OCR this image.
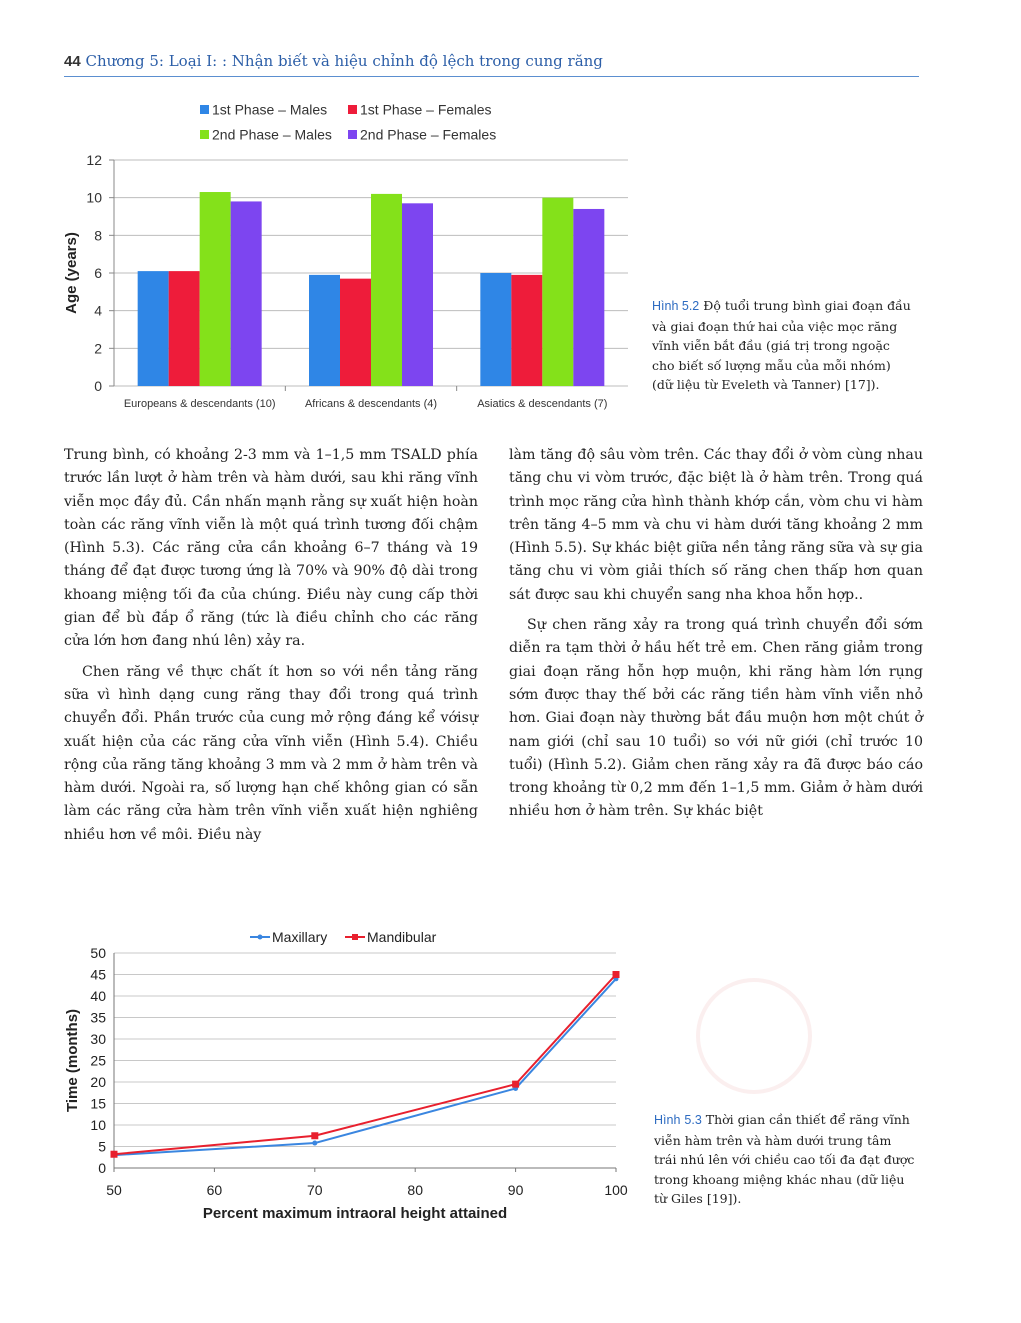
44 Chương 5: Loại I: : Nhận biết và hiệu chỉnh độ lệch trong cung răng
1st Phase – Males 1st Phase – Females
2nd Phase – Males 2nd Phase – Females
0
2
4
6
8
10
12
Age (years)
Europeans & descendants (10)	Africans & descendants (4)	Asiatics & descendants (7)
Hình 5.2 Độ tuổi trung bình giai đoạn đầu và giai đoạn thứ hai của việc mọc răng vĩnh viễn bắt đầu (giá trị trong ngoặc cho biết số lượng mẫu của mỗi nhóm) (dữ liệu từ Eveleth và Tanner) [17]).

Trung bình, có khoảng 2-3 mm và 1–1,5 mm TSALD phía trước lần lượt ở hàm trên và hàm dưới, sau khi răng vĩnh viễn mọc đầy đủ. Cần nhấn mạnh rằng sự xuất hiện hoàn toàn các răng vĩnh viễn là một quá trình tương đối chậm (Hình 5.3). Các răng cửa cần khoảng 6–7 tháng và 19 tháng để đạt được tương ứng là 70% và 90% độ dài trong khoang miệng tối đa của chúng. Điều này cung cấp thời gian để bù đắp ổ răng (tức là điều chỉnh cho các răng cửa lớn hơn đang nhú lên) xảy ra.

Chen răng về thực chất ít hơn so với nền tảng răng sữa vì hình dạng cung răng thay đổi trong quá trình chuyển đổi. Phần trước của cung mở rộng đáng kể vớisự xuất hiện của các răng cửa vĩnh viễn (Hình 5.4). Chiều rộng của răng tăng khoảng 3 mm và 2 mm ở hàm trên và hàm dưới. Ngoài ra, số lượng hạn chế không gian có sẵn làm các răng cửa hàm trên vĩnh viễn xuất hiện nghiêng nhiều hơn về môi. Điều này

làm tăng độ sâu vòm trên. Các thay đổi ở vòm cùng nhau tăng chu vi vòm trước, đặc biệt là ở hàm trên. Trong quá trình mọc răng cửa hình thành khớp cắn, vòm chu vi hàm trên tăng 4–5 mm và chu vi hàm dưới tăng khoảng 2 mm (Hình 5.5). Sự khác biệt giữa nền tảng răng sữa và sự gia tăng chu vi vòm giải thích số răng chen thấp hơn quan sát được sau khi chuyển sang nha khoa hỗn hợp..

Sự chen răng xảy ra trong quá trình chuyển đổi sớm diễn ra tạm thời ở hầu hết trẻ em. Chen răng giảm trong giai đoạn răng hỗn hợp muộn, khi răng hàm lớn rụng sớm được thay thế bởi các răng tiền hàm vĩnh viễn nhỏ hơn. Giai đoạn này thường bắt đầu muộn hơn một chút ở nam giới (chỉ sau 10 tuổi) so với nữ giới (chỉ trước 10 tuổi) (Hình 5.2). Giảm chen răng xảy ra đã được báo cáo trong khoảng từ 0,2 mm đến 1–1,5 mm. Giảm ở hàm dưới nhiều hơn ở hàm trên. Sự khác biệt

Maxillary	Mandibular
0
5
10
15
20
25
30
35
40
45
50
50	60	70	80	90	100
Percent maximum intraoral height attained
Time (months)
Hình 5.3 Thời gian cần thiết để răng vĩnh viễn hàm trên và hàm dưới trung tâm trái nhú lên với chiều cao tối đa đạt được trong khoang miệng khác nhau (dữ liệu từ Giles [19]).
